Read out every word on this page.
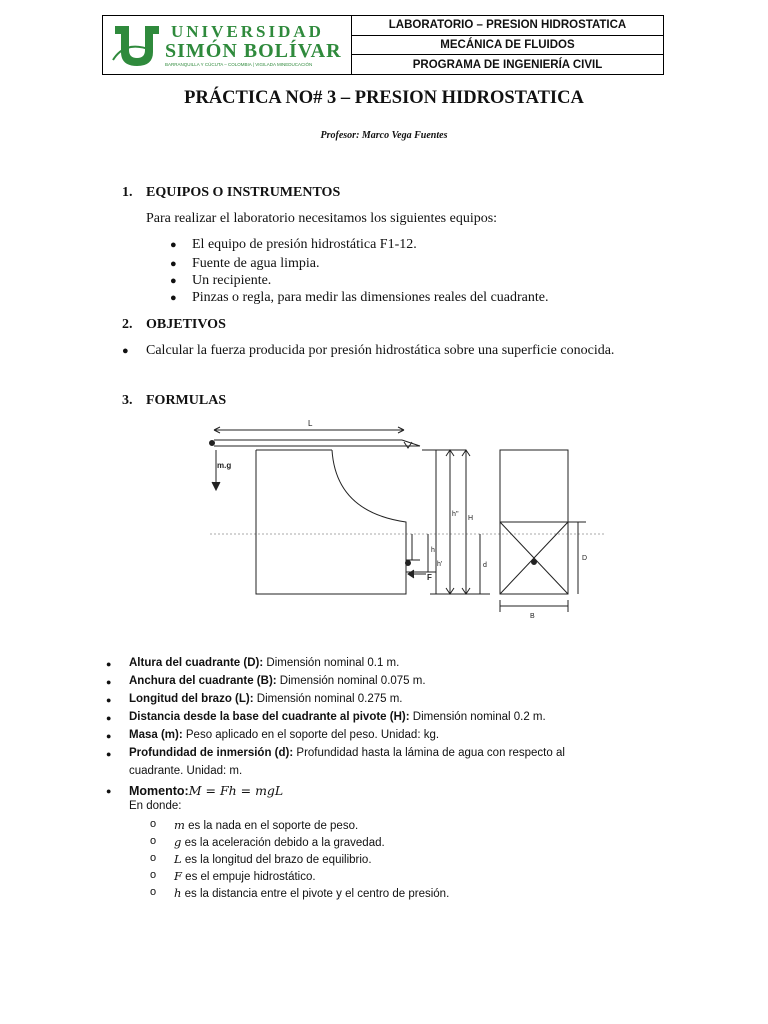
UNIVERSIDAD
SIMÓN BOLÍVAR
BARRANQUILLA Y CÚCUTA – COLOMBIA | VIGILADA MINEDUCACIÓN
LABORATORIO – PRESION HIDROSTATICA
MECÁNICA DE FLUIDOS
PROGRAMA DE INGENIERÍA CIVIL
PRÁCTICA NO# 3 – PRESION HIDROSTATICA
Profesor: Marco Vega Fuentes
1. EQUIPOS O INSTRUMENTOS
Para realizar el laboratorio necesitamos los siguientes equipos:
● El equipo de presión hidrostática F1-12.
● Fuente de agua limpia.
● Un recipiente.
● Pinzas o regla, para medir las dimensiones reales del cuadrante.
2. OBJETIVOS
● Calcular la fuerza producida por presión hidrostática sobre una superficie conocida.
3. FORMULAS
L
m.g
h''
H
h
h'
F
d
D
B
● Altura del cuadrante (D): Dimensión nominal 0.1 m.
● Anchura del cuadrante (B): Dimensión nominal 0.075 m.
● Longitud del brazo (L): Dimensión nominal 0.275 m.
● Distancia desde la base del cuadrante al pivote (H): Dimensión nominal 0.2 m.
● Masa (m): Peso aplicado en el soporte del peso. Unidad: kg.
● Profundidad de inmersión (d): Profundidad hasta la lámina de agua con respecto al
cuadrante. Unidad: m.
● Momento:M = Fh = mgL
En donde:
o m es la nada en el soporte de peso.
o g es la aceleración debido a la gravedad.
o L es la longitud del brazo de equilibrio.
o F es el empuje hidrostático.
o h es la distancia entre el pivote y el centro de presión.
